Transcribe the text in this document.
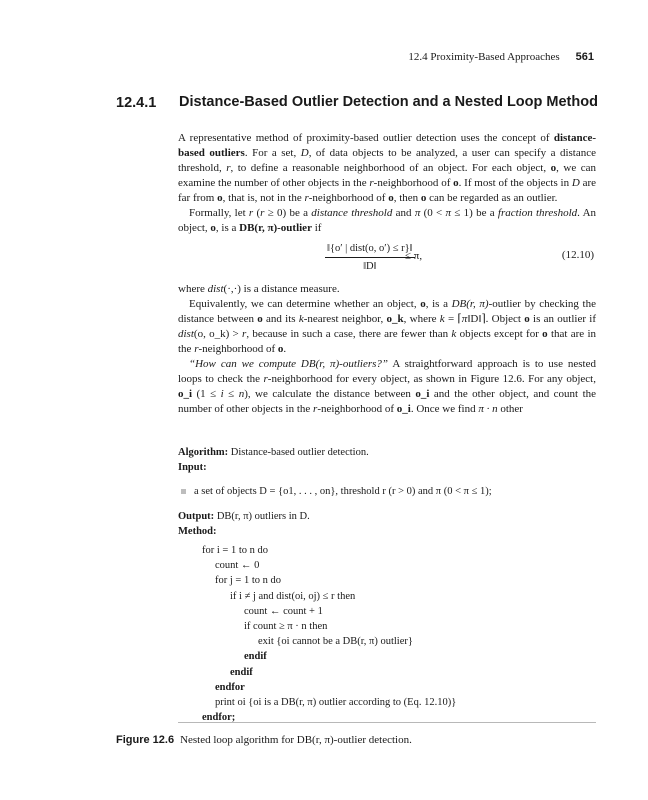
12.4 Proximity-Based Approaches 561
12.4.1 Distance-Based Outlier Detection and a Nested Loop Method

A representative method of proximity-based outlier detection uses the concept of distance-based outliers. For a set, D, of data objects to be analyzed, a user can specify a distance threshold, r, to define a reasonable neighborhood of an object. For each object, o, we can examine the number of other objects in the r-neighborhood of o. If most of the objects in D are far from o, that is, not in the r-neighborhood of o, then o can be regarded as an outlier.

Formally, let r (r ≥ 0) be a distance threshold and π (0 < π ≤ 1) be a fraction threshold. An object, o, is a DB(r, π)-outlier if

‖{o′ | dist(o, o′) ≤ r}‖
‖D‖
≤ π,	(12.10)

where dist(·,·) is a distance measure.

Equivalently, we can determine whether an object, o, is a DB(r, π)-outlier by checking the distance between o and its k-nearest neighbor, o_k, where k = ⌈π‖D‖⌉. Object o is an outlier if dist(o, o_k) > r, because in such a case, there are fewer than k objects except for o that are in the r-neighborhood of o.

“How can we compute DB(r, π)-outliers?” A straightforward approach is to use nested loops to check the r-neighborhood for every object, as shown in Figure 12.6. For any object, o_i (1 ≤ i ≤ n), we calculate the distance between o_i and the other object, and count the number of other objects in the r-neighborhood of o_i. Once we find π · n other

Algorithm: Distance-based outlier detection.
Input:
a set of objects D = {o1, . . . , on}, threshold r (r > 0) and π (0 < π ≤ 1);
Output: DB(r, π) outliers in D.
Method:
for i = 1 to n do
count ← 0
for j = 1 to n do
if i ≠ j and dist(oi, oj) ≤ r then
count ← count + 1
if count ≥ π · n then
exit {oi cannot be a DB(r, π) outlier}
endif
endif
endfor
print oi {oi is a DB(r, π) outlier according to (Eq. 12.10)}
endfor;
Figure 12.6 Nested loop algorithm for DB(r, π)-outlier detection.
